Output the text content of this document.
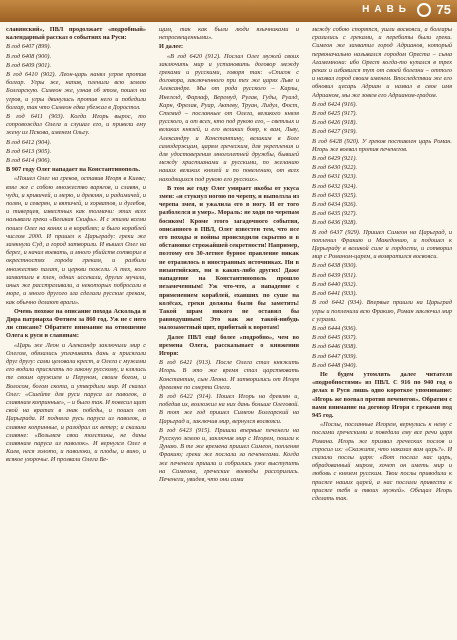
НАВЬ 75

славянский», ПВЛ продолжает «подробный» календарный рассказ о событиях на Руси:

В год 6407 (899).

В год 6408 (900).

В год 6409 (901).

В год 6410 (902). Леон-царь нанял угров против болгар. Угры же, напав, пленили всю землю Болгарскую. Симеон же, узнав об этом, пошел на угров, и угры двинулись против него и победили болгар, так что Симеон едва убежал в Доростол.

В год 6411 (903). Когда Игорь вырос, то сопровождал Олега и слушал его, и привели ему жену из Пскова, именем Ольгу.

В год 6412 (904).

В год 6413 (905).

В год 6414 (906).

В 907 году Олег нападает на Константинополь.

«Пошел Олег на греков, оставив Игоря в Киеве; взял же с собою множество варягов, и славян, и чуди, и кривичей, и мерю, и древлян, и радимичей, и полян, и северян, и вятичей, и хорватов, и дулебов, и тиверцев, известных как толмачи: этих всех называли греки «Великая Скифь». И с этими всеми пошел Олег на конях и в кораблях; и было кораблей числом 2000. И пришел к Царьграду: греки же замкнули Суд, а город затворили. И вышел Олег на берег, и начал воевать, и много убийств сотворил в окрестностях города грекам, и разбили множество палат, и церкви пожгли. А тех, кого захватили в плен, одних иссекали, других мучили, иных же расстреливали, а некоторых побросали в море, и много другого зла сделали русские грекам, как обычно делают враги».

Очень похоже на описание похода Аскольда и Дира патриарха Фотием за 860 год. Уж не с него ли списано? Обратите внимание на отношение Олега к руси и славянам:

«Царь же Леон и Александр заключили мир с Олегом, обязались уплачивать дань и присягали друг другу: сами целовали крест, а Олега с мужами его водили присягать по закону русскому, и клялись те своим оружием и Перуном, своим богом, и Волосом, богом скота, и утвердили мир. И сказал Олег: «Сшейте для руси паруса из паволок, а славянам копринные», – и было так. И повесил щит свой на вратах в знак победы, и пошел от Царьграда. И подняла русь паруса из паволок, а славяне копринные, и разодрал их ветер; и сказали славяне: «Возьмем свои толстины, не даны славянам паруса из паволок». И вернулся Олег в Киев, неся золото, и паволоки, и плоды, и вино, и всякое узорочье. И прозвали Олега Ве-

щим, так как были люди язычниками и непросвещенными».

И далее:

«В год 6420 (912). Послал Олег мужей своих заключить мир и установить договор между греками и русскими, говоря так: «Список с договора, заключенного при тех же царях Льве и Александре. Мы от рода русского – Карлы, Инегелд, Фарлаф, Веремуд, Рулав, Гуды, Руалд, Карн, Фрелав, Руар, Актеву, Труан, Лидул, Фост, Стемид – посланные от Олега, великого князя русского, и от всех, кто под рукою его, – светлых и великих князей, и его великих бояр, к вам, Льву, Александру и Константину, великим в Боге самодержцам, царям греческим, для укрепления и для удостоверения многолетней дружбы, бывшей между христианами и русскими, по желанию наших великих князей и по повелению, от всех находящихся под рукою его русских».

В том же году Олег умирает якобы от укуса змеи: «и стукнул ногою по черепу, и выползла из черепа змея, и ужалила его в ногу. И от того разболелся и умер». Мораль: не ходи по черепам босиком! Кроме этого загадочного события, описанного в ПВЛ, Олег известен тем, что все его походы и войны происходили скрытно и в обстановке строжайшей секретности! Например, поэтому его 30-летнее бурное правление никак не отразилось в иностранных источниках. Ни в византийских, ни в каких-либо других! Даже нападение на Константинополь прошло незамеченным! Уж что-что, а нападение с применением кораблей, ехавших по суше на колёсах, греки должны были бы заметить! Такой шрам никого не оставил бы равнодушным! Это как же такой-нибудь малозаметный щит, прибитый к воротам!

Далее ПВЛ ещё более «подробно», чем во времена Олега, рассказывает о княжении Игоря:

В год 6421 (913). После Олега стал княжить Игорь. В это же время стал царствовать Константин, сын Леона. И затворились от Игоря древляне по смерти Олега.

В год 6422 (914). Пошел Игорь на древлян и, победив их, возложил на них дань больше Олеговой. В тот же год пришел Симеон Болгарский на Царьград и, заключив мир, вернулся восвояси.

В год 6423 (915). Пришли впервые печенеги на Русскую землю и, заключив мир с Игорем, пошли к Дунаю. В те же времена пришел Симеон, попленяя Фракию; греки же послали за печенегами. Когда же печенеги пришли и собрались уже выступить на Симеона, греческие воеводы рассорились. Печенеги, увидев, что они сами

между собою спорятся, ушли восвояси, а болгары сразились с греками, и перебиты были греки. Симеон же захватил город Адрианов, который первоначально назывался городом Ореста – сына Агамемнона: ибо Орест когда-то купался в трех реках и избавился тут от своей болезни – оттого и назвал город своим именем. Впоследствии же его обновил цесарь Адриан и назвал в свое имя Адрианом, мы же зовем его Адрианом-градом.

В год 6424 (916).

В год 6425 (917).

В год 6426 (918).

В год 6427 (919).

В год 6428 (920). У греков поставлен царь Роман. Игорь же воевал против печенегов.

В год 6429 (921).

В год 6430 (922).

В год 6431 (923).

В год 6432 (924).

В год 6433 (925).

В год 6434 (926).

В год 6435 (927).

В год 6436 (928).

В год 6437 (929). Пришел Симеон на Царьград, и попленил Фракию и Македонию, и подошел к Царьграду в великой силе и гордости, и сотворил мир с Романом-царем, и возвратился восвояси.

В год 6438 (930).

В год 6439 (931).

В год 6440 (932).

В год 6441 (933).

В год 6442 (934). Впервые пришли на Царьград угры и попленили всю Фракию, Роман заключил мир с уграми.

В год 6444 (936).

В год 6445 (937).

В год 6446 (938).

В год 6447 (939).

В год 6448 (940).

Не будем утомлять далее читателя «подробностями» из ПВЛ. С 916 по 940 год о делах в Руси лишь одно короткое упоминание: «Игорь же воевал против печенегов». Обратим с вами внимание на договор Игоря с греками под 945 год.

«Послы, посланные Игорем, вернулись к нему с послами греческими и поведали ему все речи царя Романа. Игорь же призвал греческих послов и спросил их: «Скажите, что наказал вам царь?». И сказали послы царя: «Вот послал нас царь, обрадованный миром, хочет он иметь мир и любовь с князем русским. Твои послы приводили к присяге наших царей, а нас послали привести к присяге тебя и твоих мужей». Обещал Игорь сделать так.
